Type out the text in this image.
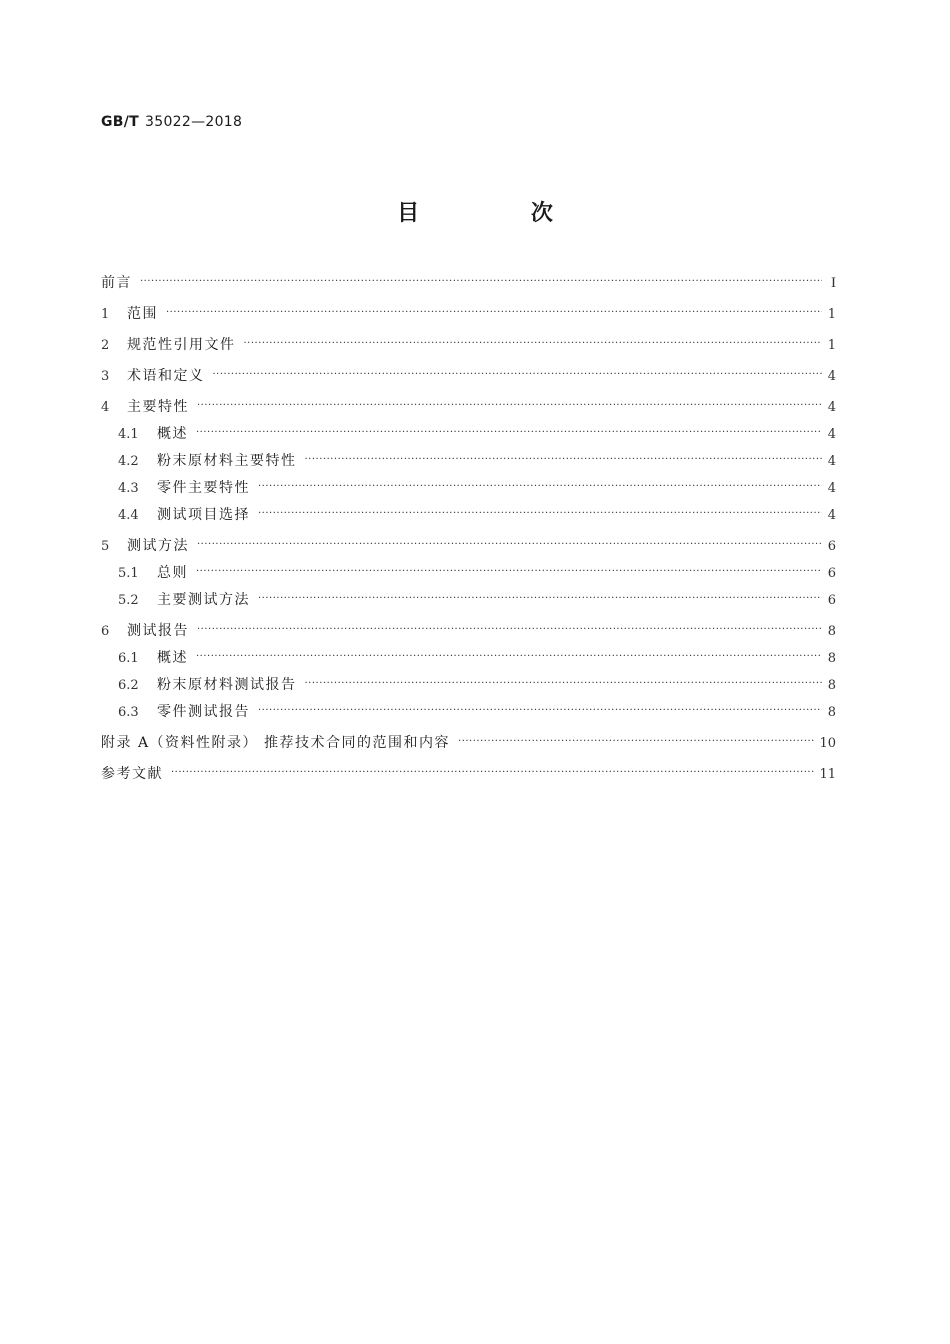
GB/T 35022—2018
目 次
前言 ·····	I
1	范围 ·····	1
2	规范性引用文件 ·····	1
3	术语和定义 ·····	4
4	主要特性 ·····	4
4.1	概述 ·····	4
4.2	粉末原材料主要特性 ·····	4
4.3	零件主要特性 ·····	4
4.4	测试项目选择 ·····	4
5	测试方法 ·····	6
5.1	总则 ·····	6
5.2	主要测试方法 ·····	6
6	测试报告 ·····	8
6.1	概述 ·····	8
6.2	粉末原材料测试报告 ·····	8
6.3	零件测试报告 ·····	8
附录 A（资料性附录） 推荐技术合同的范围和内容 ·····	10
参考文献 ·····	11
